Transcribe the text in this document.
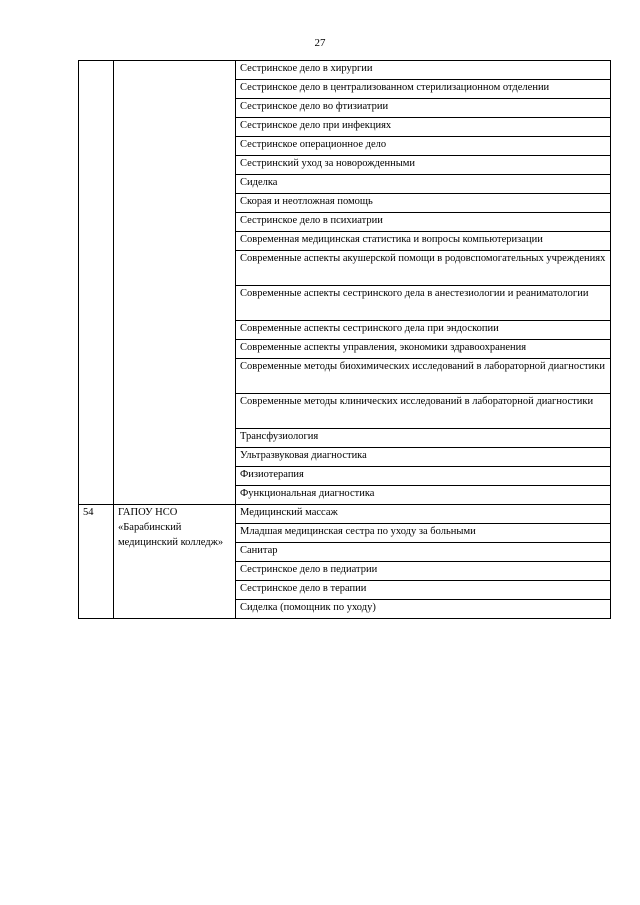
27
		Сестринское дело в хирургии
		Сестринское дело в централизованном стерилизационном отделении
		Сестринское дело во фтизиатрии
		Сестринское дело при инфекциях
		Сестринское операционное дело
		Сестринский уход за новорожденными
		Сиделка
		Скорая и неотложная помощь
		Сестринское дело в психиатрии
		Современная медицинская статистика и вопросы компьютеризации
		Современные аспекты акушерской помощи в родовспомогательных учреждениях
		Современные аспекты сестринского дела в анестезиологии и реаниматологии
		Современные аспекты сестринского дела при эндоскопии
		Современные аспекты управления, экономики здравоохранения
		Современные методы биохимических исследований в лабораторной диагностики
		Современные методы клинических исследований в лабораторной диагностики
		Трансфузиология
		Ультразвуковая диагностика
		Физиотерапия
		Функциональная диагностика
54	ГАПОУ НСО «Барабинский медицинский колледж»	Медицинский массаж
		Младшая медицинская сестра по уходу за больными
		Санитар
		Сестринское дело в педиатрии
		Сестринское дело в терапии
		Сиделка (помощник по уходу)
